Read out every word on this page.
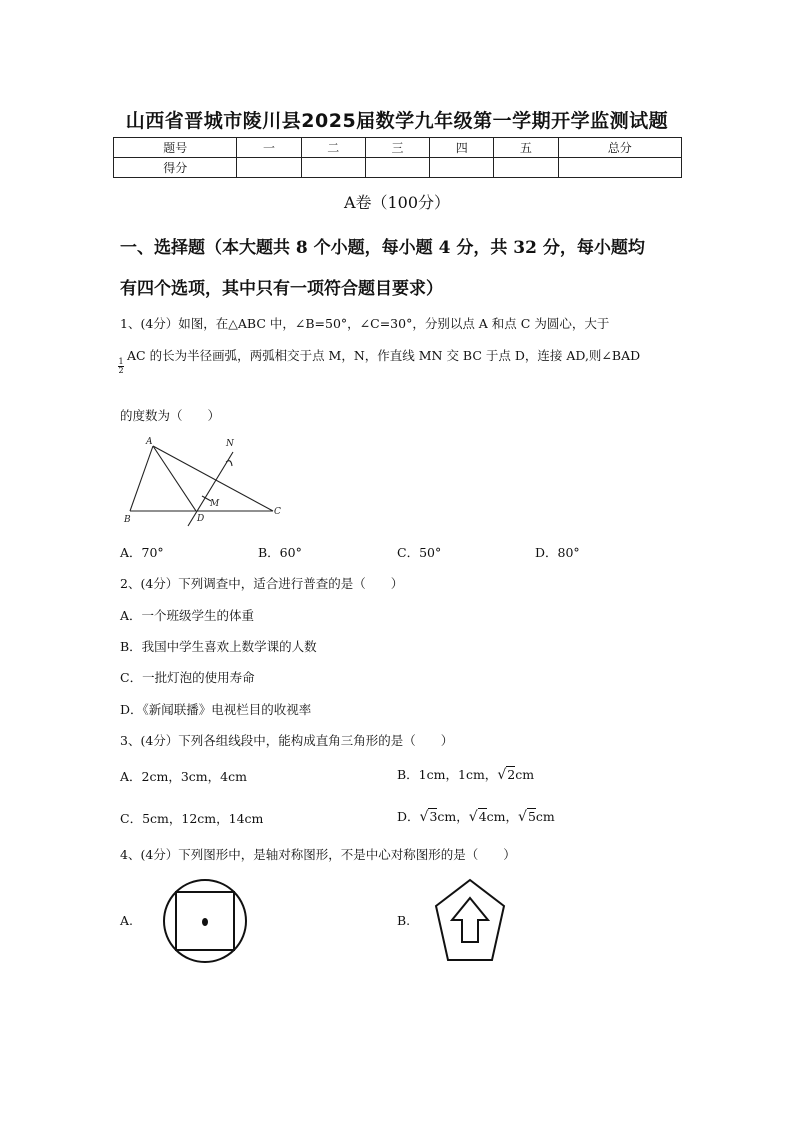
山西省晋城市陵川县2025届数学九年级第一学期开学监测试题
题号	一	二	三	四	五	总分
得分						
A卷（100分）
一、选择题（本大题共 8 个小题，每小题 4 分，共 32 分，每小题均
有四个选项，其中只有一项符合题目要求）
1、(4分）如图，在△ABC 中，∠B=50°，∠C=30°，分别以点 A 和点 C 为圆心，大于
1
2
AC 的长为半径画弧，两弧相交于点 M，N，作直线 MN 交 BC 于点 D，连接 AD,则∠BAD
的度数为（　　）
A
B
C
D
M
N
A．70°	B．60°	C．50°	D．80°
2、(4分）下列调查中，适合进行普查的是（　　）
A．一个班级学生的体重
B．我国中学生喜欢上数学课的人数
C．一批灯泡的使用寿命
D．《新闻联播》电视栏目的收视率
3、(4分）下列各组线段中，能构成直角三角形的是（　　）
A．2cm，3cm，4cm	B．1cm，1cm，√2cm
C．5cm，12cm，14cm	D．√3cm，√4cm，√5cm
4、(4分）下列图形中，是轴对称图形，不是中心对称图形的是（　　）
A.	B.
